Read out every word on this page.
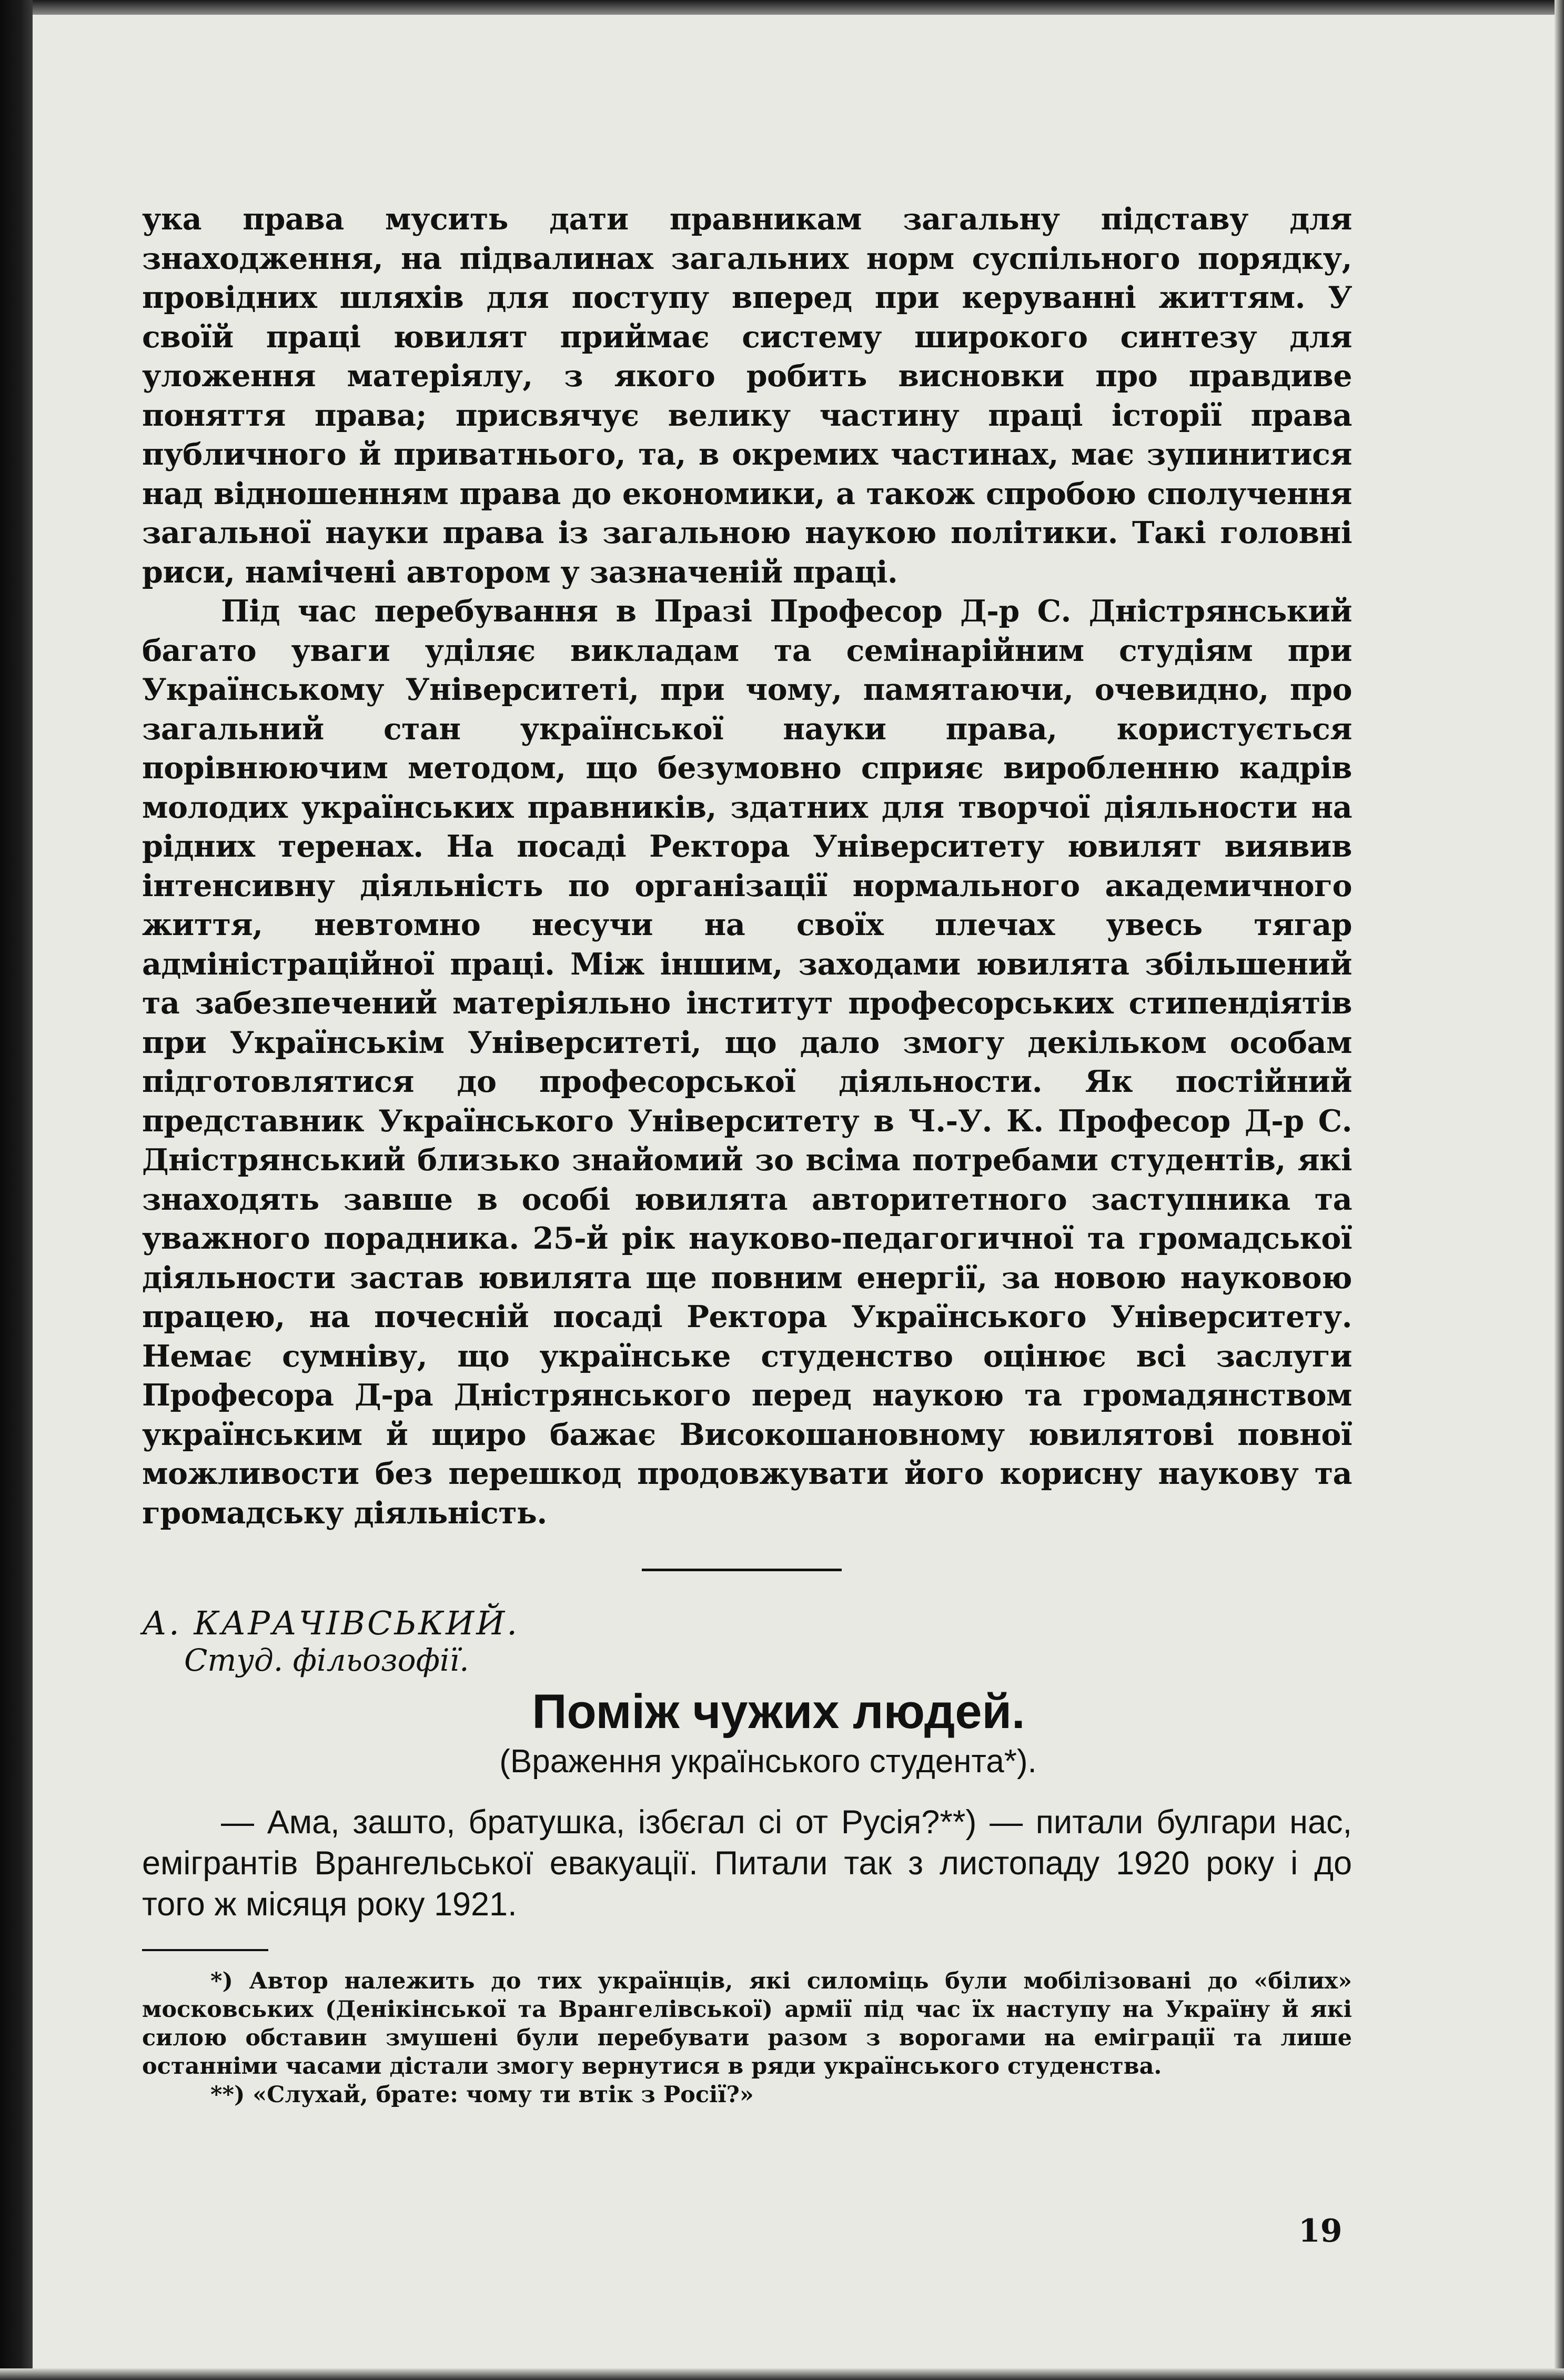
ука права мусить дати правникам загальну підставу для знаходження, на підвалинах загальних норм суспільного порядку, провідних шляхів для поступу вперед при керуванні життям. У своїй праці ювилят приймає систему широкого синтезу для уложення матеріялу, з якого робить висновки про правдиве поняття права; присвячує велику частину праці історії права публичного й приватнього, та, в окремих частинах, має зупинитися над відношенням права до економики, а також спробою сполучення загальної науки права із загальною наукою політики. Такі головні риси, намічені автором у зазначеній праці.

Під час перебування в Празі Професор Д-р С. Дністрянський багато уваги уділяє викладам та семінарійним студіям при Українському Університеті, при чому, памятаючи, очевидно, про загальний стан української науки права, користується порівнюючим методом, що безумовно сприяє виробленню кадрів молодих українських правників, здатних для творчої діяльности на рідних теренах. На посаді Ректора Університету ювилят виявив інтенсивну діяльність по організації нормального академичного життя, невтомно несучи на своїх плечах увесь тягар адміністраційної праці. Між іншим, заходами ювилята збільшений та забезпечений матеріяльно інститут професорських стипендіятів при Українськім Університеті, що дало змогу декільком особам підготовлятися до професорської діяльности. Як постійний представник Українського Університету в Ч.-У. К. Професор Д-р С. Дністрянський близько знайомий зо всіма потребами студентів, які знаходять завше в особі ювилята авторитетного заступника та уважного порадника. 25-й рік науково-педагогичної та громадської діяльности застав ювилята ще повним енергії, за новою науковою працею, на почесній посаді Ректора Українського Університету. Немає сумніву, що українське студенство оцінює всі заслуги Професора Д-ра Дністрянського перед наукою та громадянством українським й щиро бажає Високошановному ювилятові повної можливости без перешкод продовжувати його корисну наукову та громадську діяльність.

А. КАРАЧІВСЬКИЙ.
Студ. фільозофії.
Поміж чужих людей.
(Враження українського студента*).

— Ама, зашто, братушка, ізбєгал сі от Русія?**) — питали булгари нас, емігрантів Врангельської евакуації. Питали так з листопаду 1920 року і до того ж місяця року 1921.

*) Автор належить до тих українців, які силоміць були мобілізовані до «білих» московських (Денікінської та Врангелівської) армії під час їх наступу на Україну й які силою обставин змушені були перебувати разом з ворогами на еміграції та лише останніми часами дістали змогу вернутися в ряди українського студенства.

**) «Слухай, брате: чому ти втік з Росії?»

19
